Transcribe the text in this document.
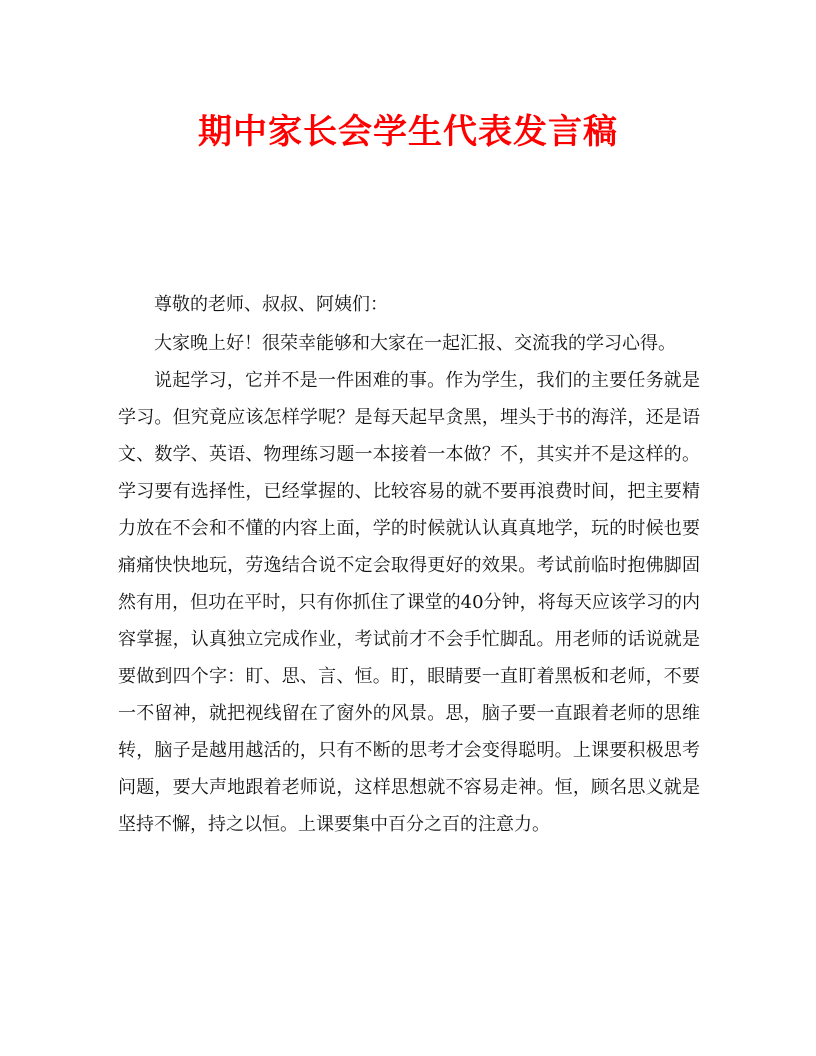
期中家长会学生代表发言稿

尊敬的老师、叔叔、阿姨们：

大家晚上好！很荣幸能够和大家在一起汇报、交流我的学习心得。

说起学习，它并不是一件困难的事。作为学生，我们的主要任务就是学习。但究竟应该怎样学呢？是每天起早贪黑，埋头于书的海洋，还是语文、数学、英语、物理练习题一本接着一本做？不，其实并不是这样的。学习要有选择性，已经掌握的、比较容易的就不要再浪费时间，把主要精力放在不会和不懂的内容上面，学的时候就认认真真地学，玩的时候也要痛痛快快地玩，劳逸结合说不定会取得更好的效果。考试前临时抱佛脚固然有用，但功在平时，只有你抓住了课堂的40分钟，将每天应该学习的内容掌握，认真独立完成作业，考试前才不会手忙脚乱。用老师的话说就是要做到四个字：盯、思、言、恒。盯，眼睛要一直盯着黑板和老师，不要一不留神，就把视线留在了窗外的风景。思，脑子要一直跟着老师的思维转，脑子是越用越活的，只有不断的思考才会变得聪明。上课要积极思考问题，要大声地跟着老师说，这样思想就不容易走神。恒，顾名思义就是坚持不懈，持之以恒。上课要集中百分之百的注意力。
